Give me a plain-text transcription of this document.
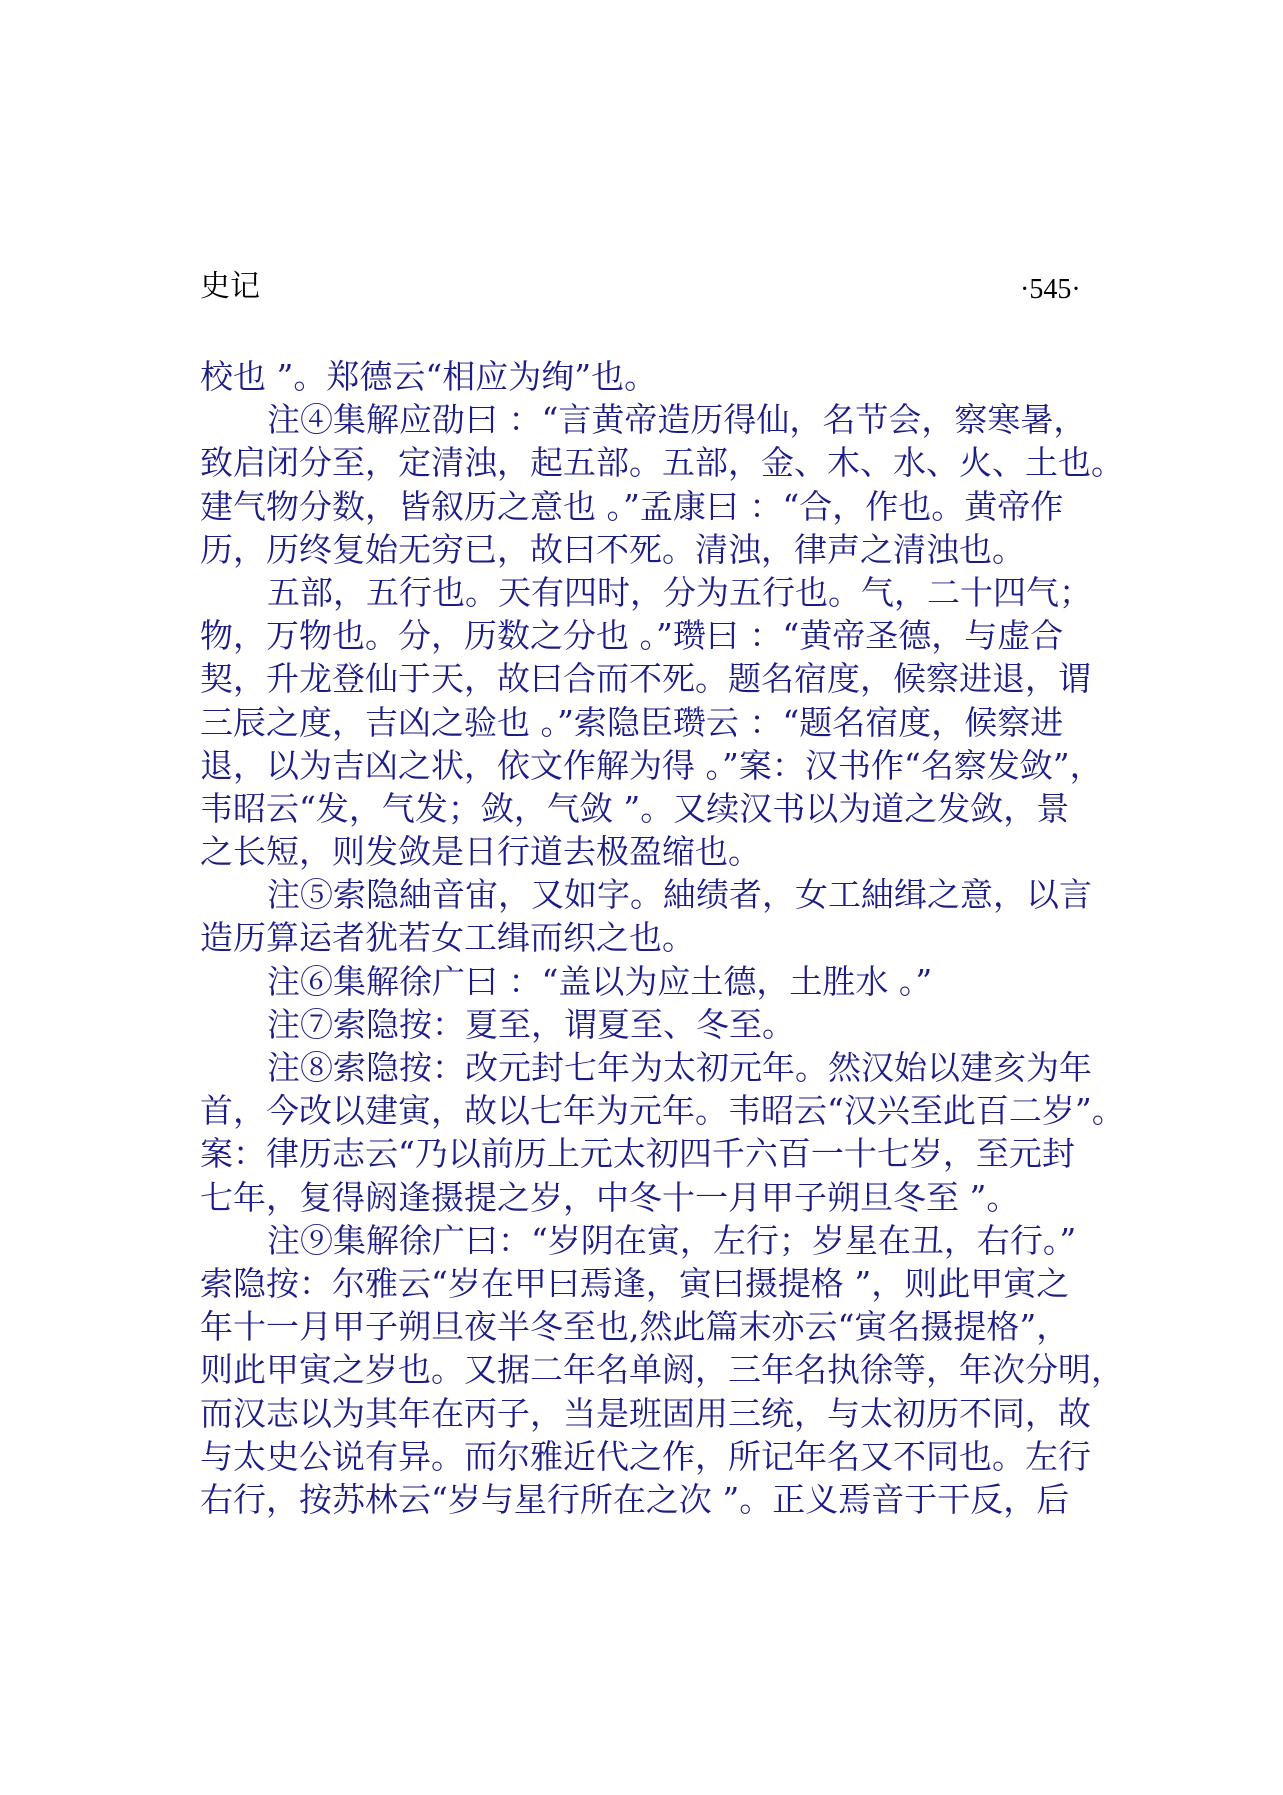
史记	·545·
校也 ”。郑德云“相应为绚”也。
注④集解应劭曰 ：“言黄帝造历得仙，名节会，察寒暑，
致启闭分至，定清浊，起五部。五部，金、木、水、火、土也。
建气物分数，皆叙历之意也 。”孟康曰 ：“合，作也。黄帝作
历，历终复始无穷已，故曰不死。清浊，律声之清浊也。
五部，五行也。天有四时，分为五行也。气，二十四气；
物，万物也。分，历数之分也 。”瓒曰 ：“黄帝圣德，与虚合
契，升龙登仙于天，故曰合而不死。题名宿度，候察进退，谓
三辰之度，吉凶之验也 。”索隐臣瓒云 ：“题名宿度，候察进
退，以为吉凶之状，依文作解为得 。”案：汉书作“名察发敛”，
韦昭云“发，气发；敛，气敛 ”。又续汉书以为道之发敛，景
之长短，则发敛是日行道去极盈缩也。
注⑤索隐紬音宙，又如字。紬绩者，女工紬缉之意，以言
造历算运者犹若女工缉而织之也。
注⑥集解徐广曰 ：“盖以为应土德，土胜水 。”
注⑦索隐按：夏至，谓夏至、冬至。
注⑧索隐按：改元封七年为太初元年。然汉始以建亥为年
首，今改以建寅，故以七年为元年。韦昭云“汉兴至此百二岁”。
案：律历志云“乃以前历上元太初四千六百一十七岁，至元封
七年，复得阏逢摄提之岁，中冬十一月甲子朔旦冬至 ”。
注⑨集解徐广曰：“岁阴在寅，左行；岁星在丑，右行。”
索隐按：尔雅云“岁在甲曰焉逢，寅曰摄提格 ”，则此甲寅之
年十一月甲子朔旦夜半冬至也,然此篇末亦云“寅名摄提格”，
则此甲寅之岁也。又据二年名单阏，三年名执徐等，年次分明，
而汉志以为其年在丙子，当是班固用三统，与太初历不同，故
与太史公说有异。而尔雅近代之作，所记年名又不同也。左行
右行，按苏林云“岁与星行所在之次 ”。正义焉音于干反，后
